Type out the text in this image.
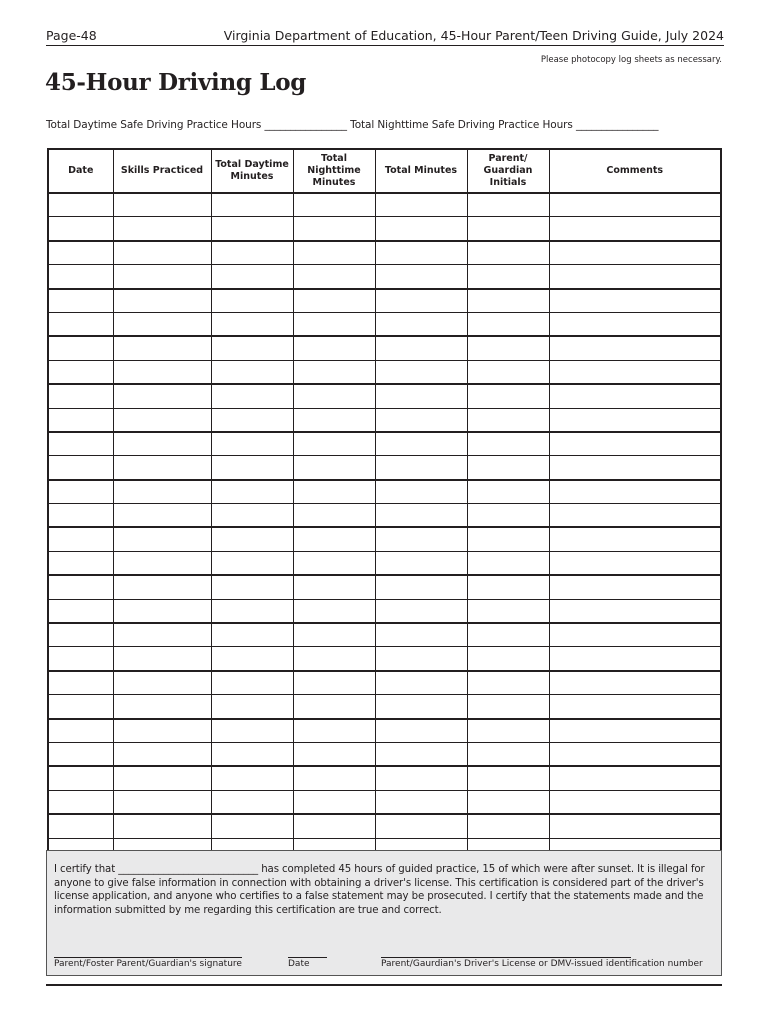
Page-48	Virginia Department of Education, 45-Hour Parent/Teen Driving Guide, July 2024
Please photocopy log sheets as necessary.
45-Hour Driving Log
Total Daytime Safe Driving Practice Hours ________________ Total Nighttime Safe Driving Practice Hours ________________
Date	Skills Practiced	Total Daytime Minutes	Total Nighttime Minutes	Total Minutes	Parent/ Guardian Initials	Comments

I certify that ____________________________ has completed 45 hours of guided practice, 15 of which were after sunset. It is illegal for anyone to give false information in connection with obtaining a driver's license. This certification is considered part of the driver's license application, and anyone who certifies to a false statement may be prosecuted. I certify that the statements made and the information submitted by me regarding this certification are true and correct.

Parent/Foster Parent/Guardian's signature	Date	Parent/Gaurdian's Driver's License or DMV-issued identification number
